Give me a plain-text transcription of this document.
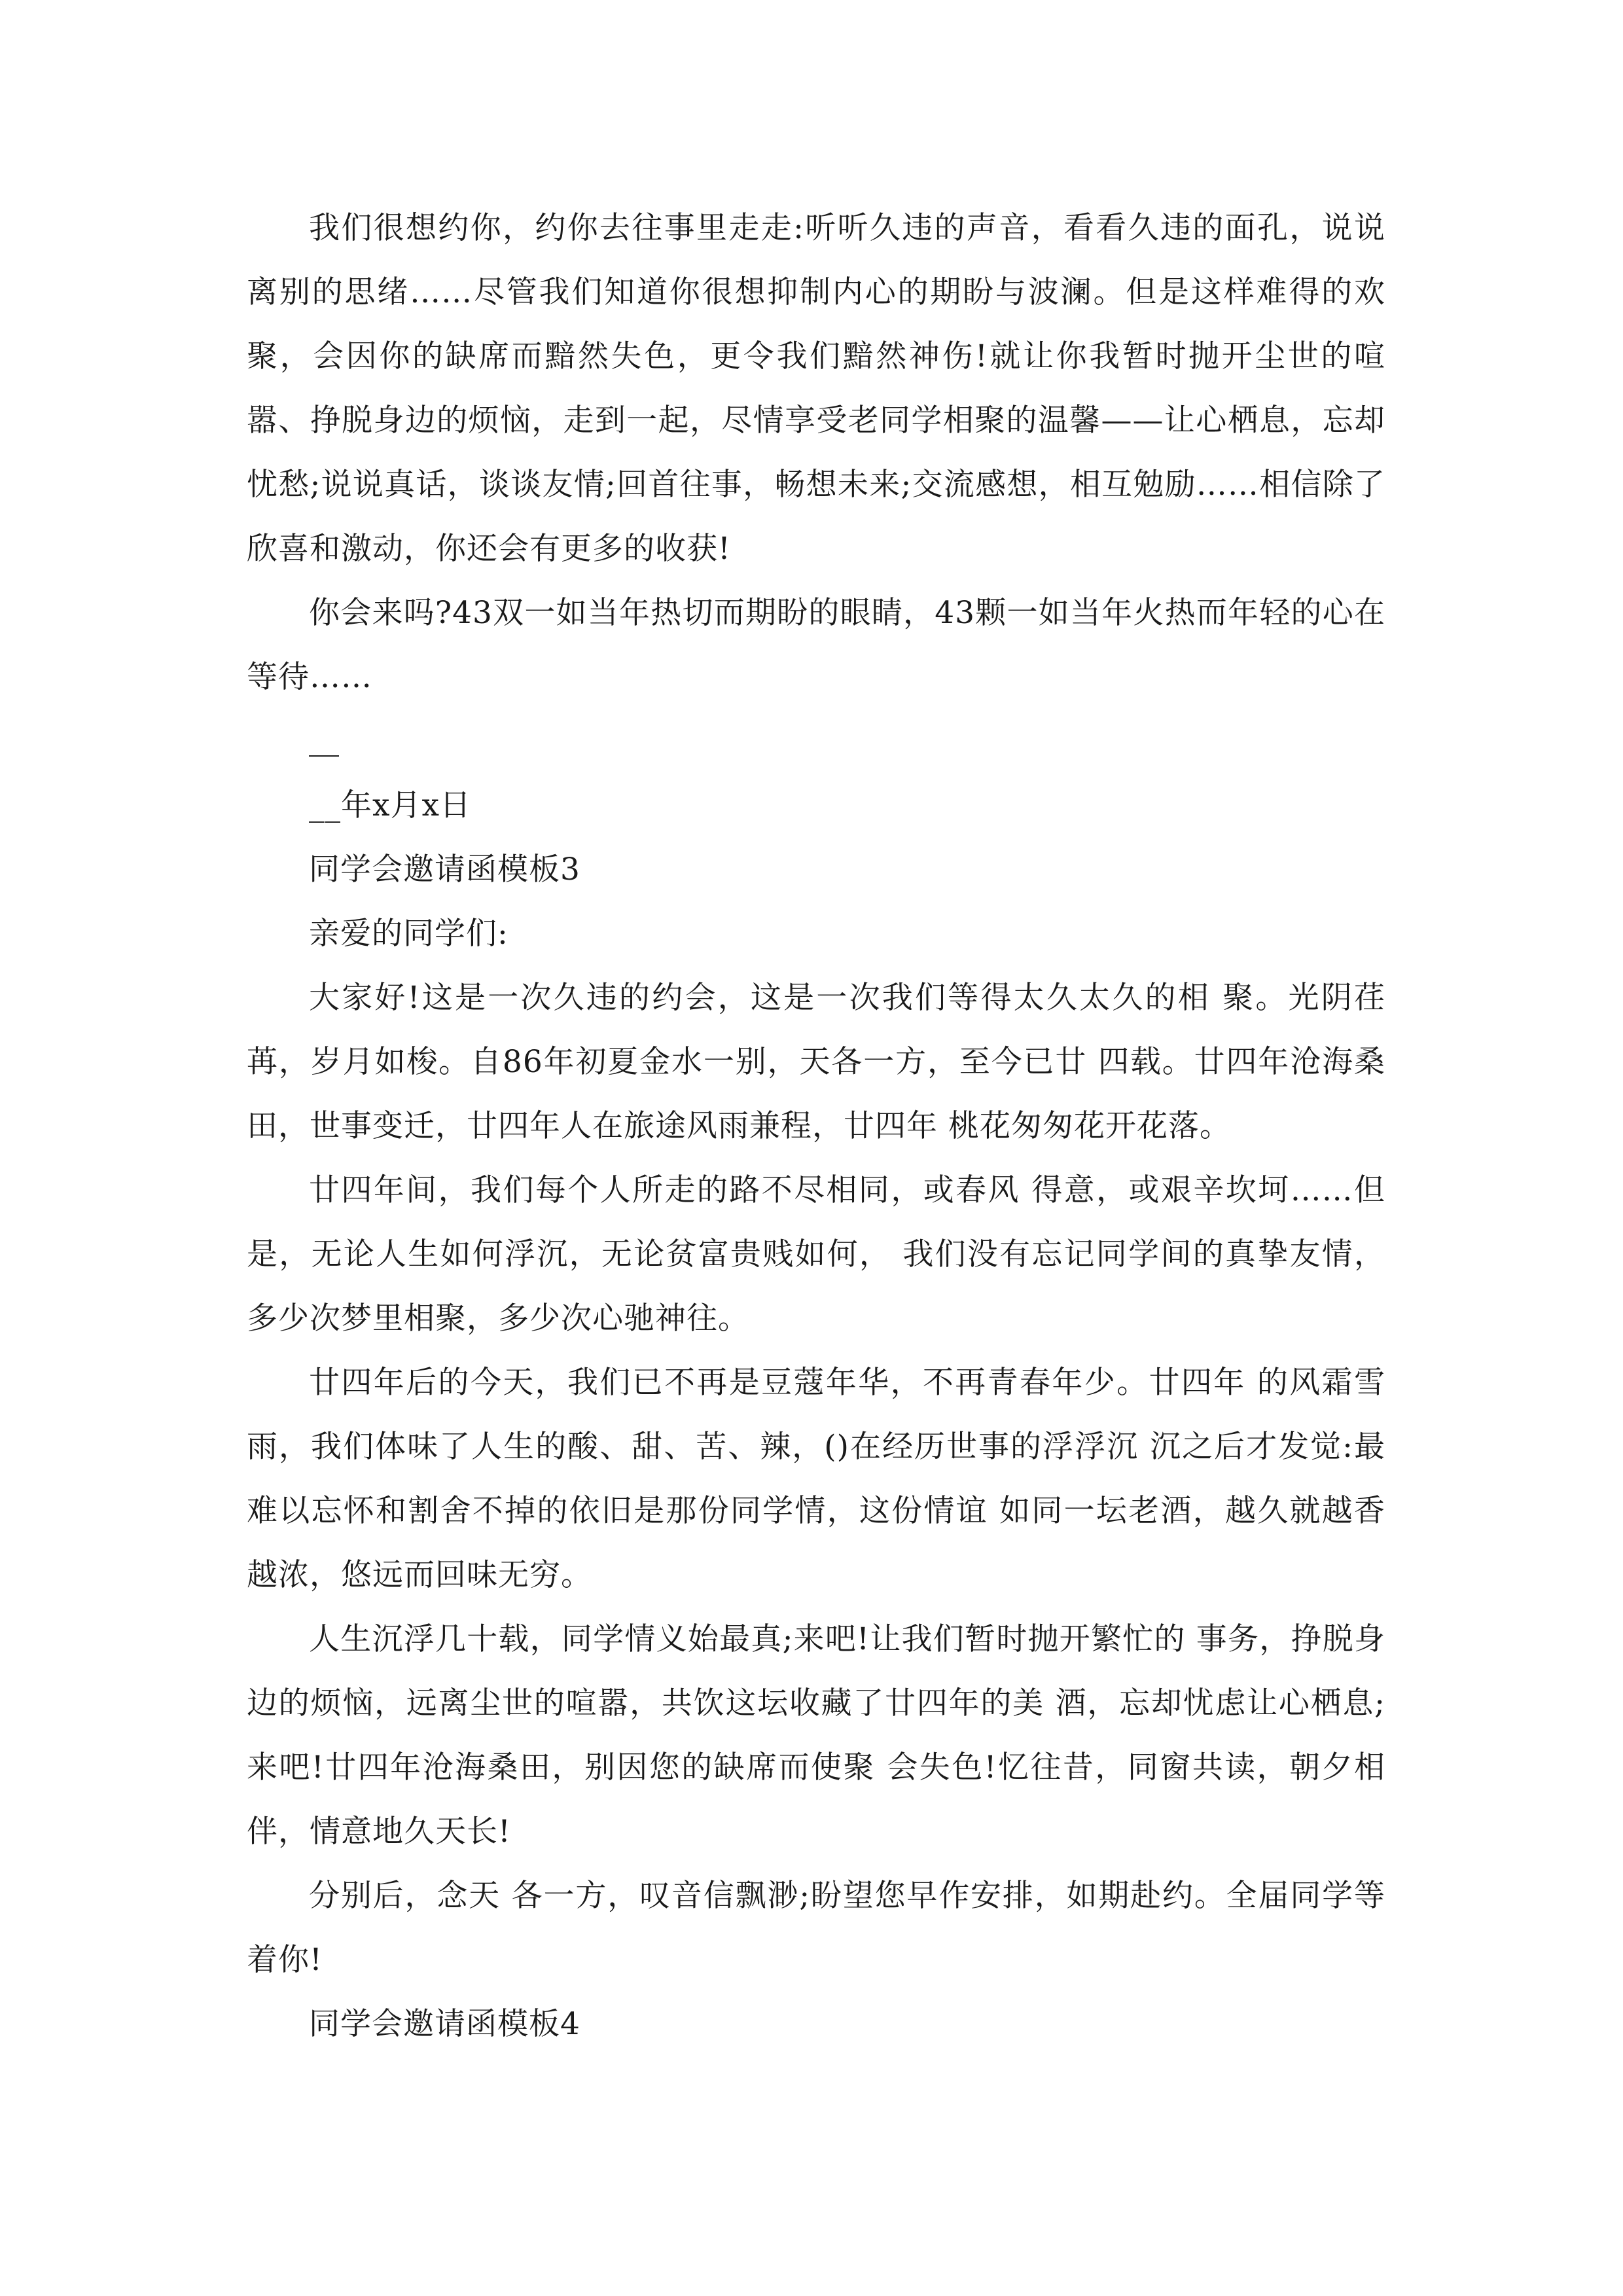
我们很想约你，约你去往事里走走:听听久违的声音，看看久违的面孔，说说离别的思绪……尽管我们知道你很想抑制内心的期盼与波澜。但是这样难得的欢聚，会因你的缺席而黯然失色，更令我们黯然神伤!就让你我暂时抛开尘世的喧嚣、挣脱身边的烦恼，走到一起，尽情享受老同学相聚的温馨——让心栖息，忘却忧愁;说说真话，谈谈友情;回首往事，畅想未来;交流感想，相互勉励……相信除了欣喜和激动，你还会有更多的收获!

你会来吗?43双一如当年热切而期盼的眼睛，43颗一如当年火热而年轻的心在等待……

__年x月x日

同学会邀请函模板3

亲爱的同学们:

大家好!这是一次久违的约会，这是一次我们等得太久太久的相 聚。光阴荏苒，岁月如梭。自86年初夏金水一别，天各一方，至今已廿 四载。廿四年沧海桑田，世事变迁，廿四年人在旅途风雨兼程，廿四年 桃花匆匆花开花落。

廿四年间，我们每个人所走的路不尽相同，或春风 得意，或艰辛坎坷……但是，无论人生如何浮沉，无论贫富贵贱如何， 我们没有忘记同学间的真挚友情，多少次梦里相聚，多少次心驰神往。

廿四年后的今天，我们已不再是豆蔻年华，不再青春年少。廿四年 的风霜雪雨，我们体味了人生的酸、甜、苦、辣，()在经历世事的浮浮沉 沉之后才发觉:最难以忘怀和割舍不掉的依旧是那份同学情，这份情谊 如同一坛老酒，越久就越香越浓，悠远而回味无穷。

人生沉浮几十载，同学情义始最真;来吧!让我们暂时抛开繁忙的 事务，挣脱身边的烦恼，远离尘世的喧嚣，共饮这坛收藏了廿四年的美 酒，忘却忧虑让心栖息;来吧!廿四年沧海桑田，别因您的缺席而使聚 会失色!忆往昔，同窗共读，朝夕相伴，情意地久天长!

分别后，念天 各一方，叹音信飘渺;盼望您早作安排，如期赴约。全届同学等着你!

同学会邀请函模板4
